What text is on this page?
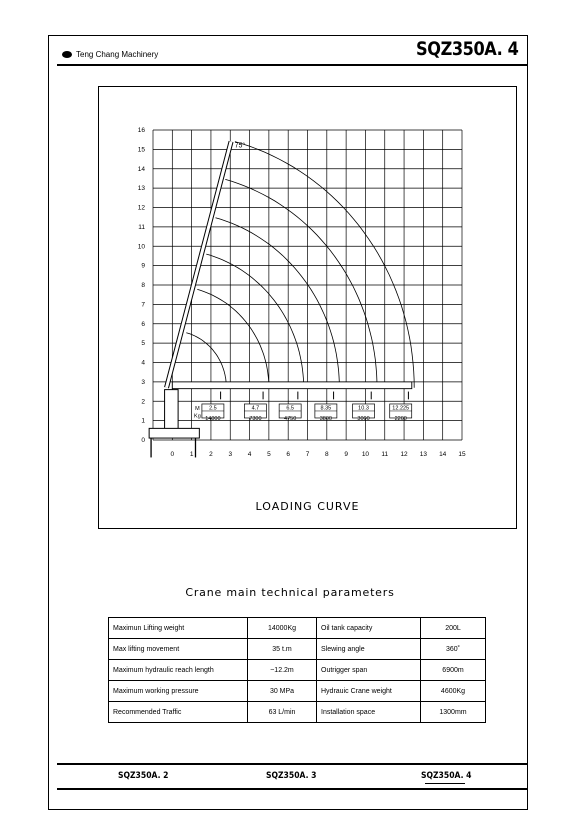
Teng Chang Machinery	SQZ350A. 4
0 1 2 3 4 5 6 7 8 9 10 11 12 13 14 15
0
1
2
3
4
5
6
7
8
9
10
11
12
13
14
15
16
75°
M
Kg
2.5
14000
4.7
7300
6.5
4750
8.35
3800
10.3
3000
12.225
2200
LOADING CURVE
Crane main technical parameters
Maximun Lifting weight	14000Kg	Oil tank capacity	200L
Max lifting movement	35 t.m	Slewing angle	360˚
Maximum hydraulic reach length	~12.2m	Outrigger span	6900m
Maximum working pressure	30 MPa	Hydrauic Crane weight	4600Kg
Recommended Traffic	63 L/min	Installation space	1300mm
SQZ350A. 2	SQZ350A. 3	SQZ350A. 4
